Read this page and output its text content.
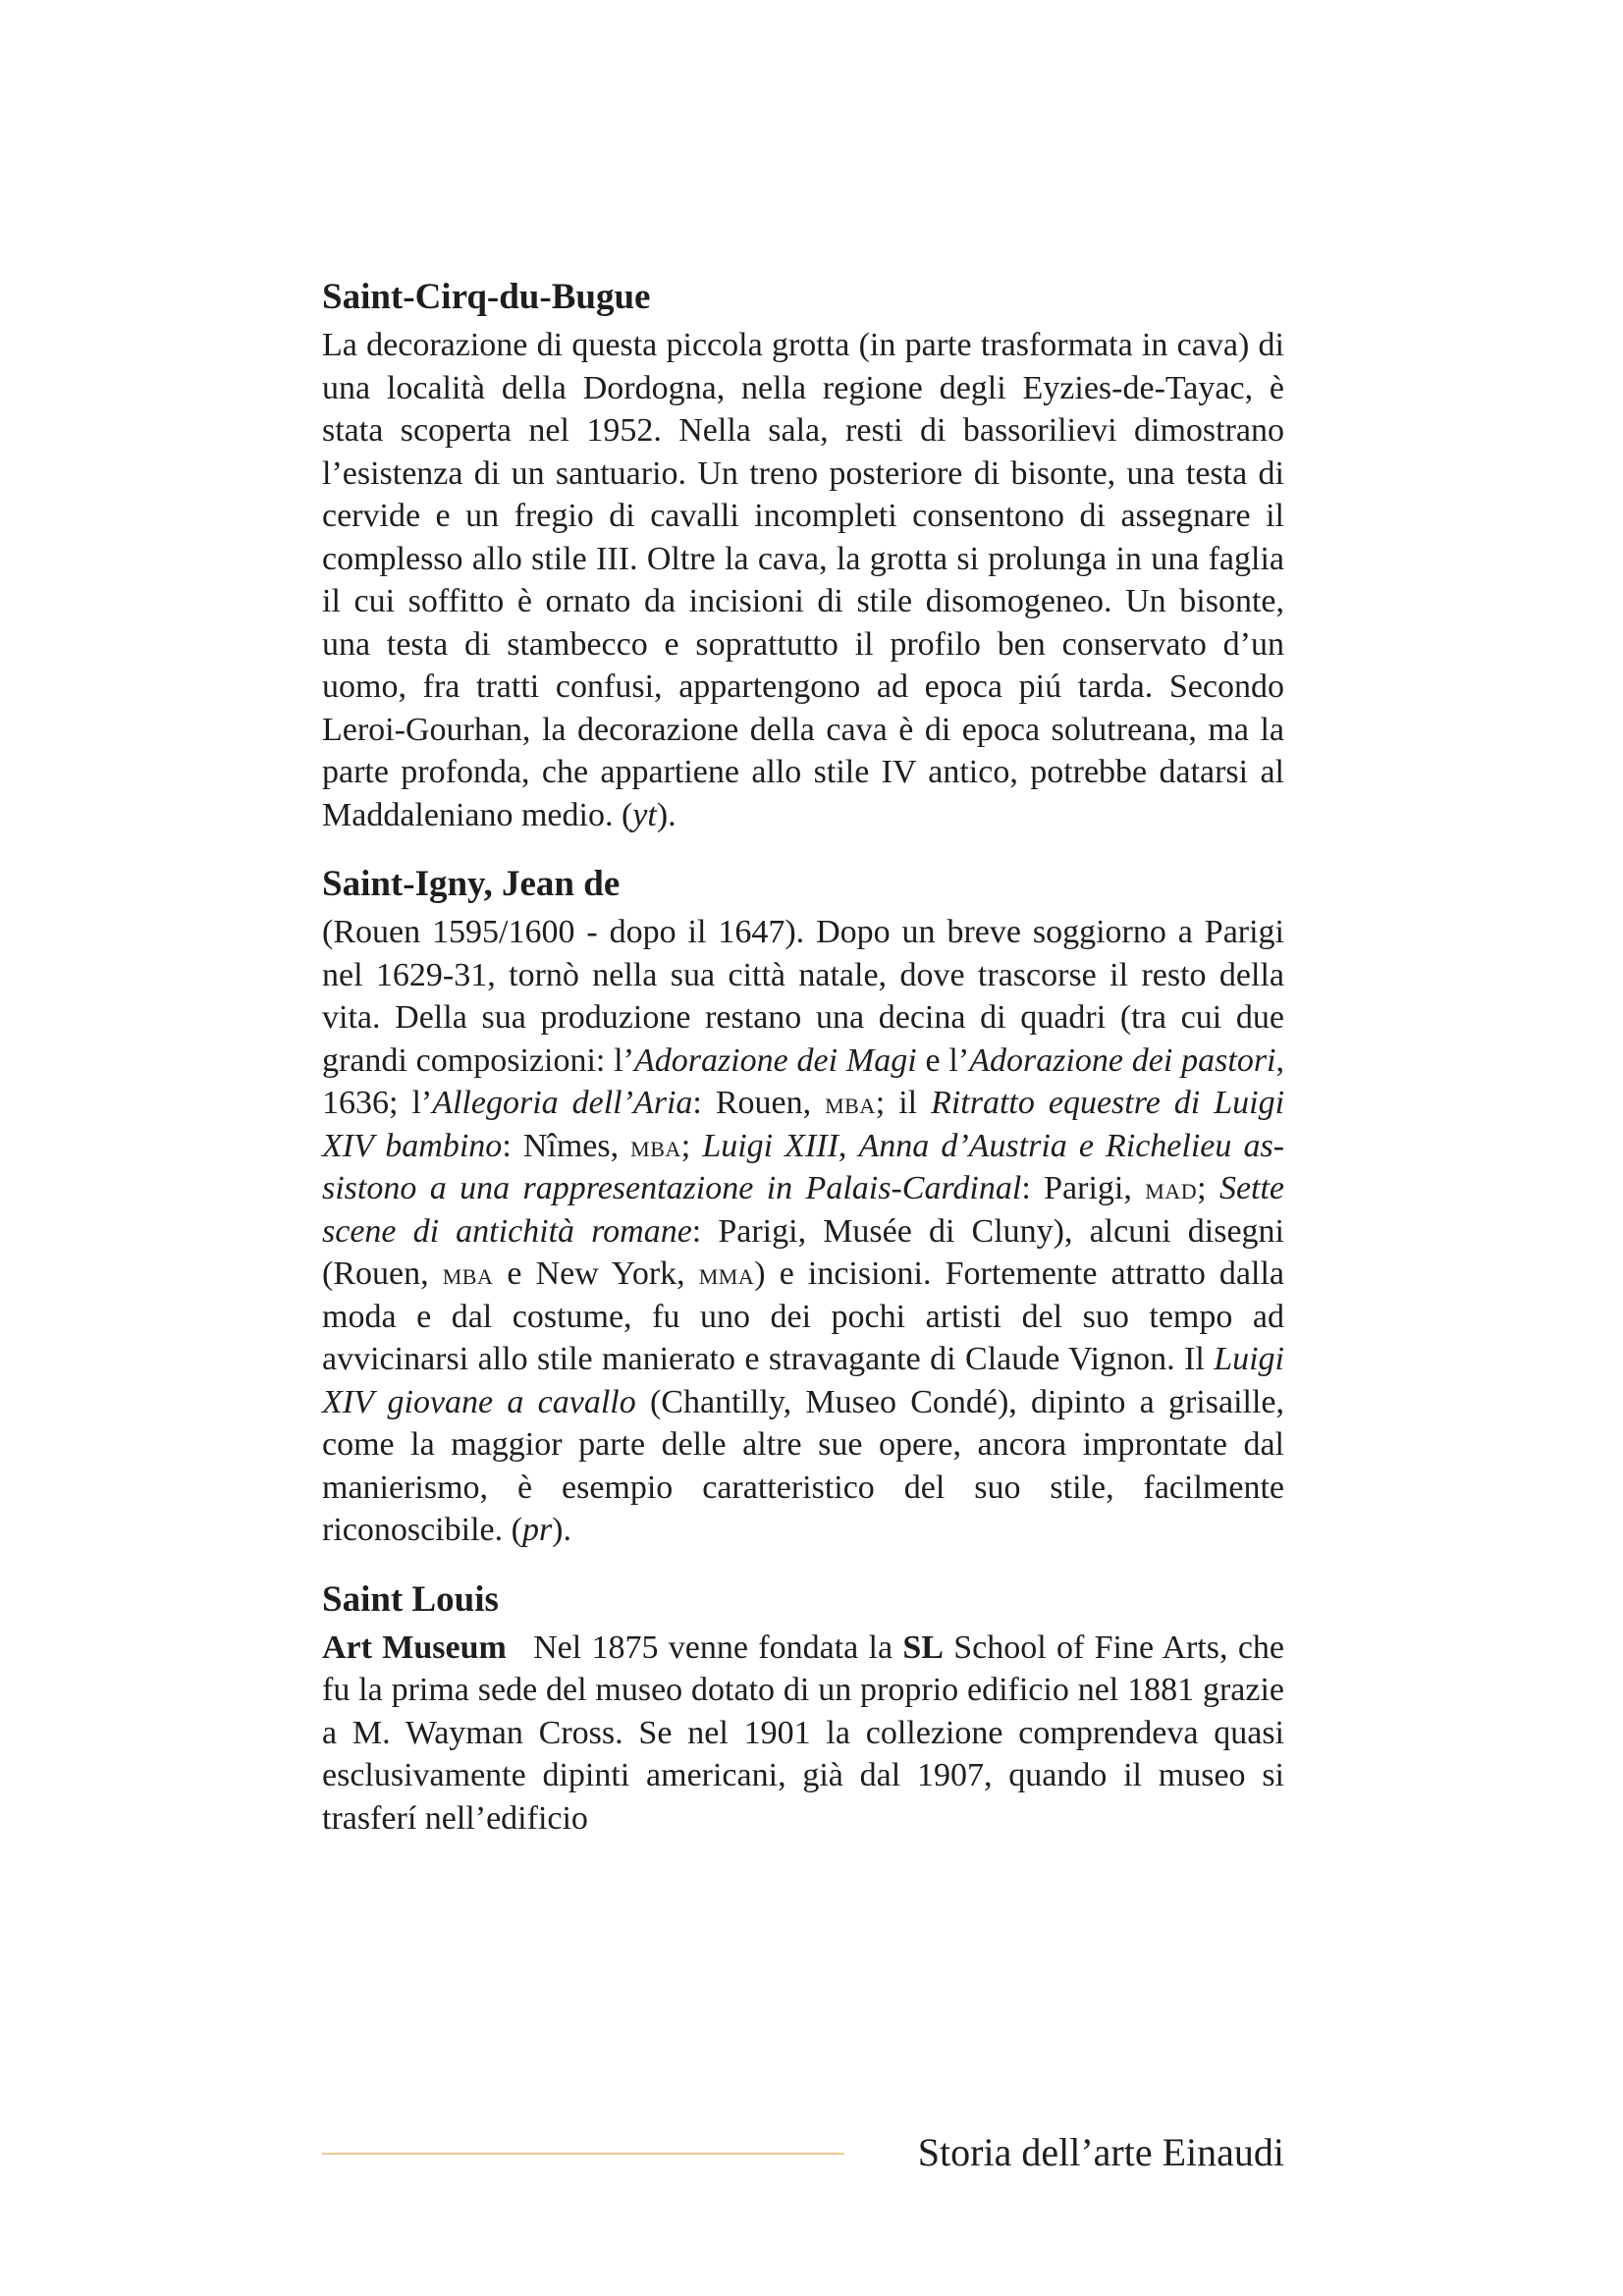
Saint-Cirq-du-Bugue

La decorazione di questa piccola grotta (in parte trasformata in cava) di una località della Dordogna, nella regione degli Eyzies-de-Tayac, è stata scoperta nel 1952. Nella sala, resti di bassorilievi dimostrano l’esistenza di un santuario. Un treno posteriore di bisonte, una testa di cervide e un fregio di cavalli incompleti consentono di assegnare il complesso allo stile III. Oltre la cava, la grotta si prolunga in una faglia il cui soffitto è ornato da incisioni di stile disomogeneo. Un bisonte, una testa di stambecco e soprattutto il profilo ben conservato d’un uomo, fra tratti confusi, appartengono ad epoca piú tarda. Secondo Leroi-Gourhan, la decorazione della cava è di epoca solutreana, ma la parte profonda, che appartiene allo stile IV antico, potrebbe datarsi al Maddaleniano medio. (yt).

Saint-Igny, Jean de

(Rouen 1595/1600 - dopo il 1647). Dopo un breve soggiorno a Parigi nel 1629-31, tornò nella sua città natale, dove trascorse il resto della vita. Della sua produzione restano una decina di quadri (tra cui due grandi composizioni: l’Adorazione dei Magi e l’Adorazione dei pastori, 1636; l’Allegoria dell’Aria: Rouen, mba; il Ritratto equestre di Luigi XIV bambino: Nîmes, mba; Luigi XIII, Anna d’Austria e Richelieu assistono a una rappresentazione in Palais-Cardinal: Parigi, mad; Sette scene di antichità romane: Parigi, Musée di Cluny), alcuni disegni (Rouen, mba e New York, mma) e incisioni. Fortemente attratto dalla moda e dal costume, fu uno dei pochi artisti del suo tempo ad avvicinarsi allo stile manierato e stravagante di Claude Vignon. Il Luigi XIV giovane a cavallo (Chantilly, Museo Condé), dipinto a grisaille, come la maggior parte delle altre sue opere, ancora improntate dal manierismo, è esempio caratteristico del suo stile, facilmente riconoscibile. (pr).

Saint Louis

Art Museum  Nel 1875 venne fondata la SL School of Fine Arts, che fu la prima sede del museo dotato di un proprio edificio nel 1881 grazie a M. Wayman Cross. Se nel 1901 la collezione comprendeva quasi esclusivamente dipinti americani, già dal 1907, quando il museo si trasferí nell’edificio

Storia dell’arte Einaudi
